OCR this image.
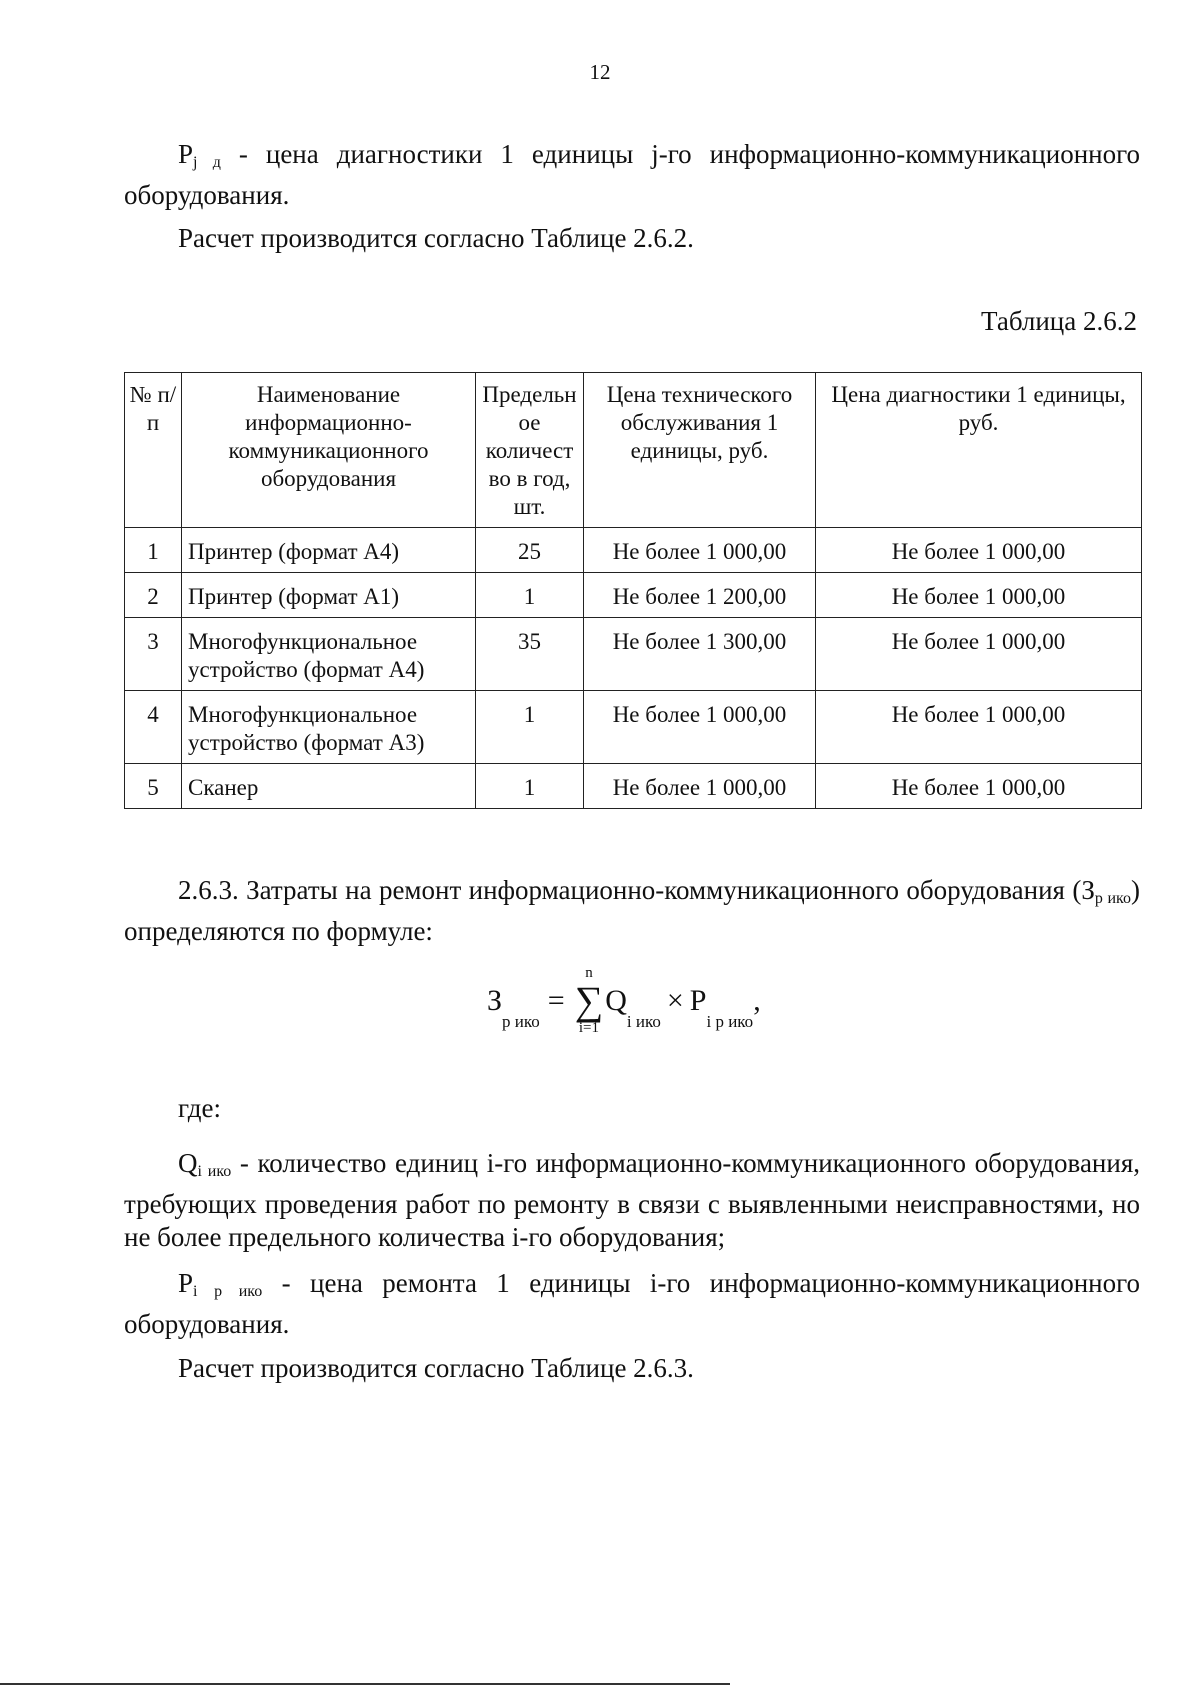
12

$P_{j д}$ - цена диагностики 1 единицы j-го информационно-коммуникационного оборудования.

Расчет производится согласно Таблице 2.6.2.

Таблица 2.6.2
№ п/п	Наименование информационно-коммуникационного оборудования	Предельн ое количест во в год, шт.	Цена технического обслуживания 1 единицы, руб.	Цена диагностики 1 единицы, руб.
1	Принтер (формат А4)	25	Не более 1 000,00	Не более 1 000,00
2	Принтер (формат А1)	1	Не более 1 200,00	Не более 1 000,00
3	Многофункциональное устройство (формат А4)	35	Не более 1 300,00	Не более 1 000,00
4	Многофункциональное устройство (формат А3)	1	Не более 1 000,00	Не более 1 000,00
5	Сканер	1	Не более 1 000,00	Не более 1 000,00

2.6.3. Затраты на ремонт информационно-коммуникационного оборудования $(З_{р ико})$ определяются по формуле:

З
р ико
=
n
∑
i=1
Q
i ико
× P
i р ико
,

где:

$Q_{i ико}$ - количество единиц i-го информационно-коммуникационного оборудования, требующих проведения работ по ремонту в связи с выявленными неисправностями, но не более предельного количества i-го оборудования;

$P_{i р ико}$ - цена ремонта 1 единицы i-го информационно-коммуникационного оборудования.

Расчет производится согласно Таблице 2.6.3.
